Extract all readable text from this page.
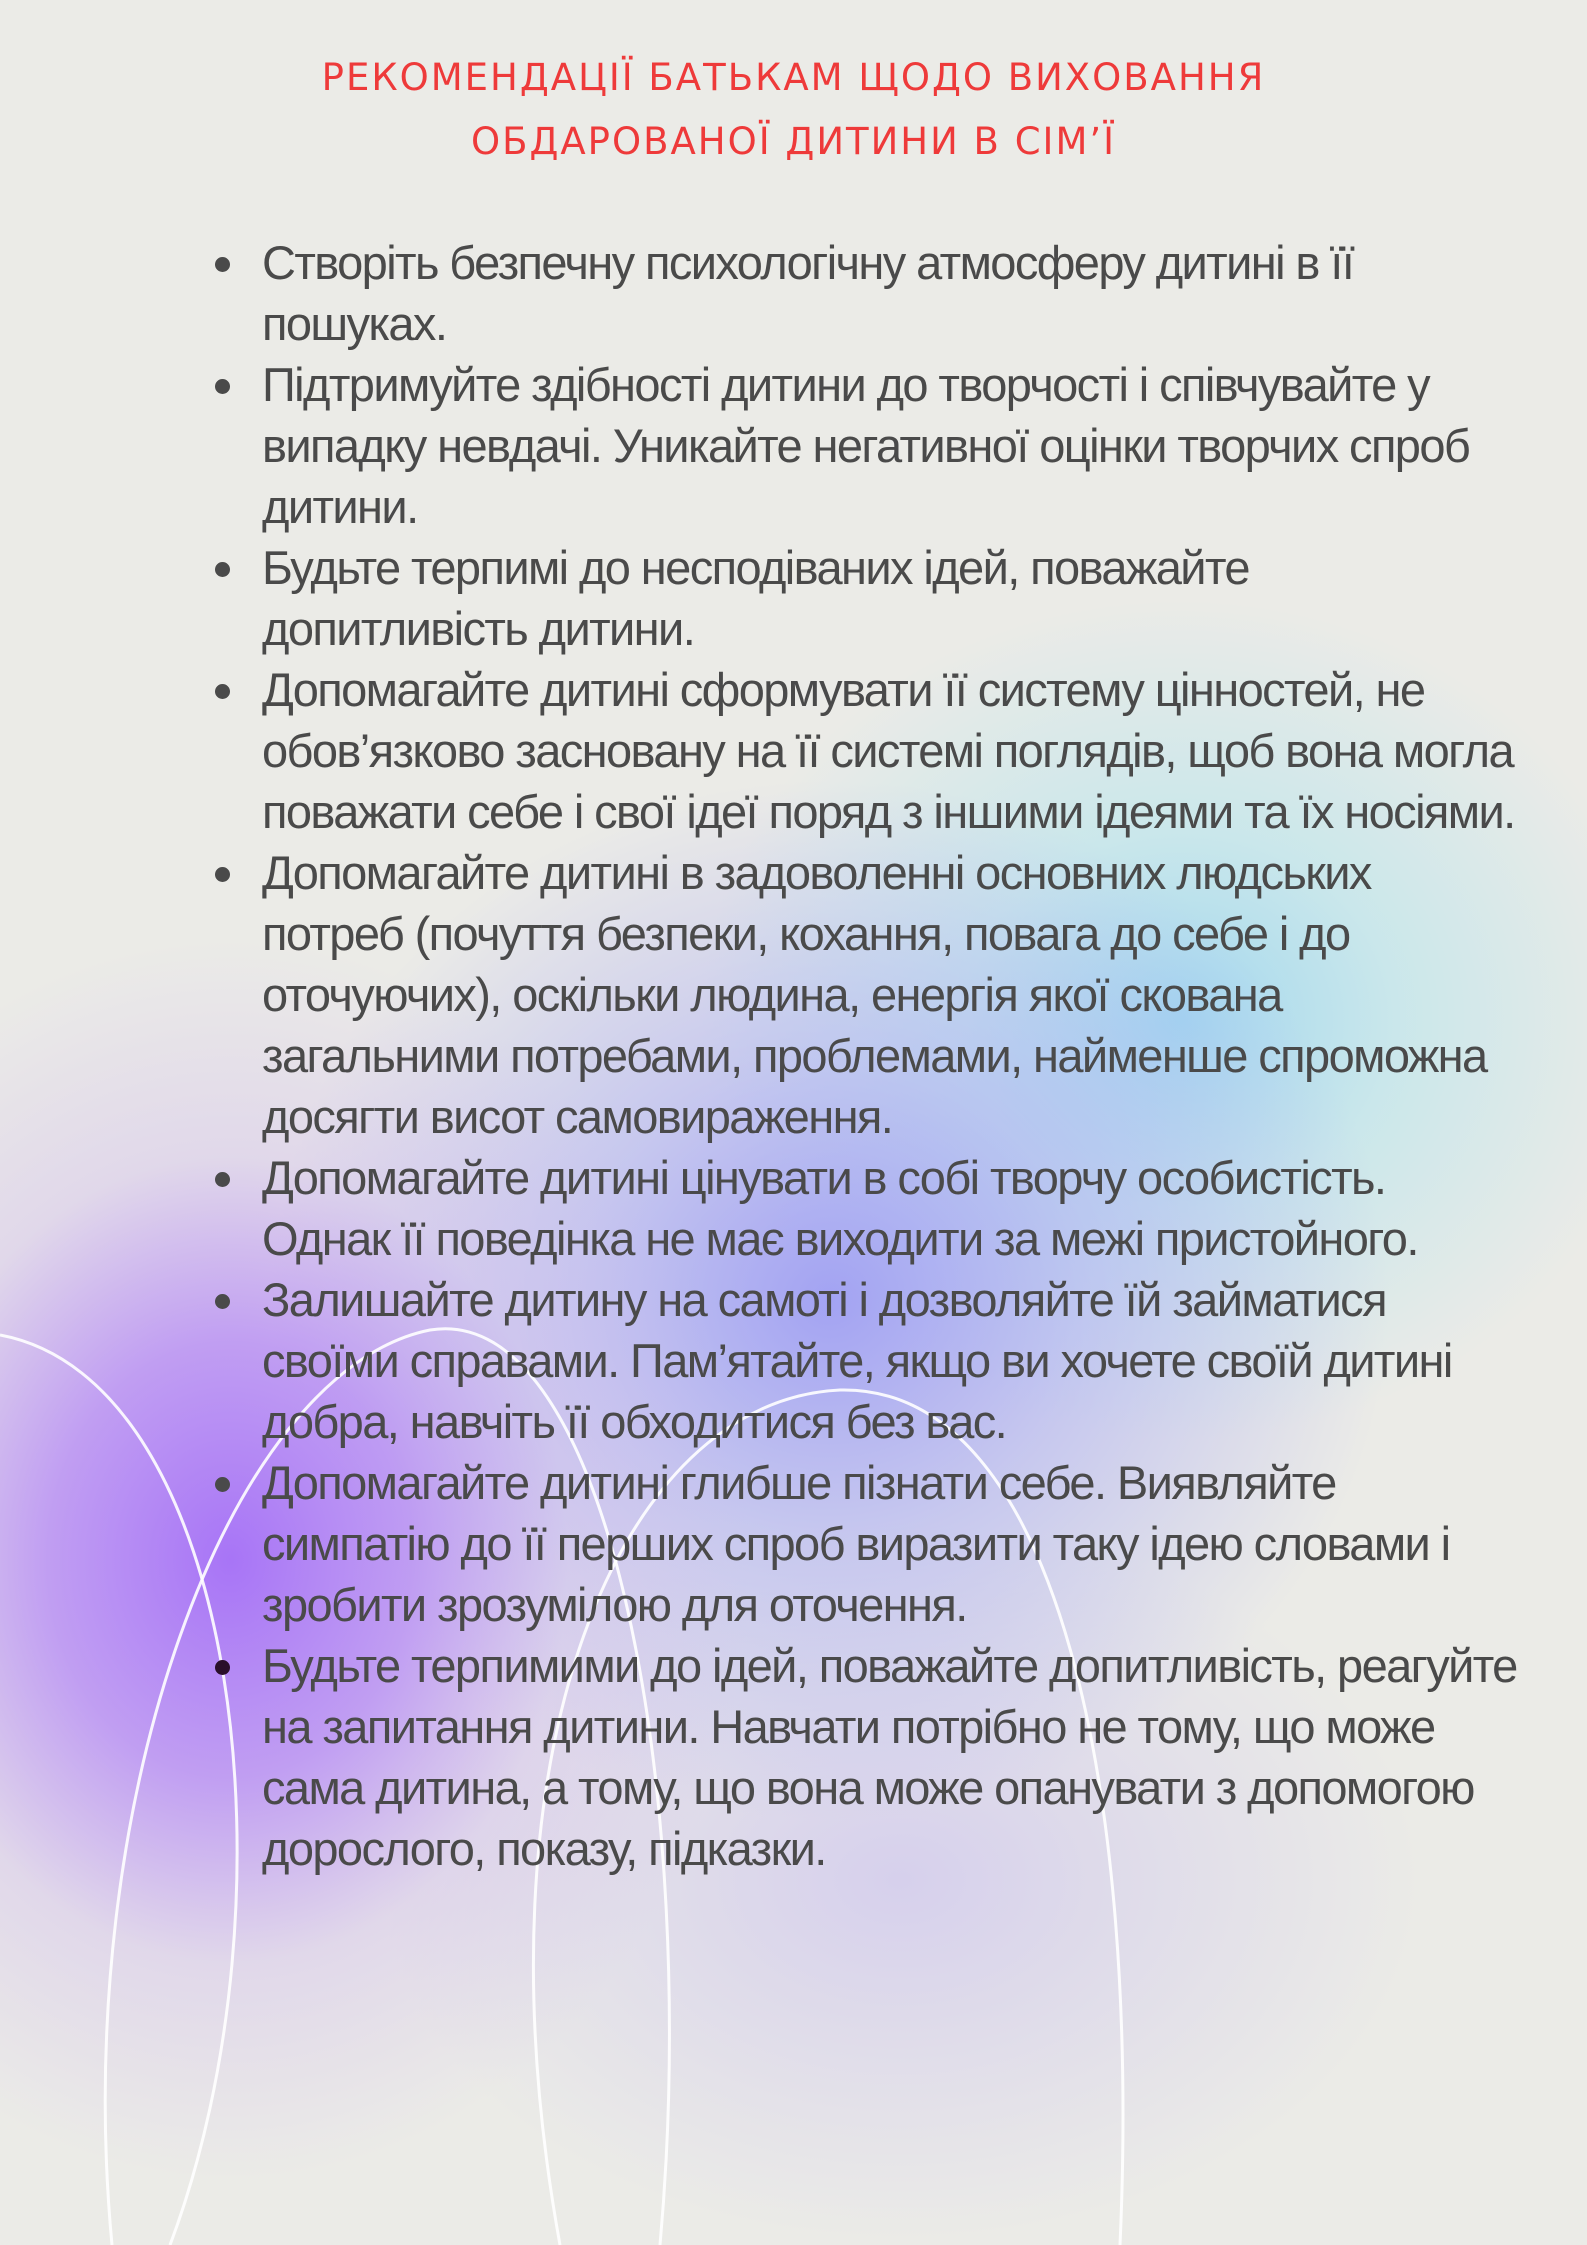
РЕКОМЕНДАЦІЇ БАТЬКАМ ЩОДО ВИХОВАННЯ
ОБДАРОВАНОЇ ДИТИНИ В СІМ’Ї
Створіть безпечну психологічну атмосферу дитині в її пошуках.
Підтримуйте здібності дитини до творчості і співчувайте у випадку невдачі. Уникайте негативної оцінки творчих спроб дитини.
Будьте терпимі до несподіваних ідей, поважайте допитливість дитини.
Допомагайте дитині сформувати її систему цінностей, не обов’язково засновану на її системі поглядів, щоб вона могла поважати себе і свої ідеї поряд з іншими ідеями та їх носіями.
Допомагайте дитині в задоволенні основних людських потреб (почуття безпеки, кохання, повага до себе і до оточуючих), оскільки людина, енергія якої скована загальними потребами, проблемами, найменше спроможна досягти висот самовираження.
Допомагайте дитині цінувати в собі творчу особистість. Однак її поведінка не має виходити за межі пристойного.
Залишайте дитину на самоті і дозволяйте їй займатися своїми справами. Пам’ятайте, якщо ви хочете своїй дитині добра, навчіть її обходитися без вас.
Допомагайте дитині глибше пізнати себе. Виявляйте симпатію до її перших спроб виразити таку ідею словами і зробити зрозумілою для оточення.
Будьте терпимими до ідей, поважайте допитливість, реагуйте на запитання дитини. Навчати потрібно не тому, що може сама дитина, а тому, що вона може опанувати з допомогою дорослого, показу, підказки.
